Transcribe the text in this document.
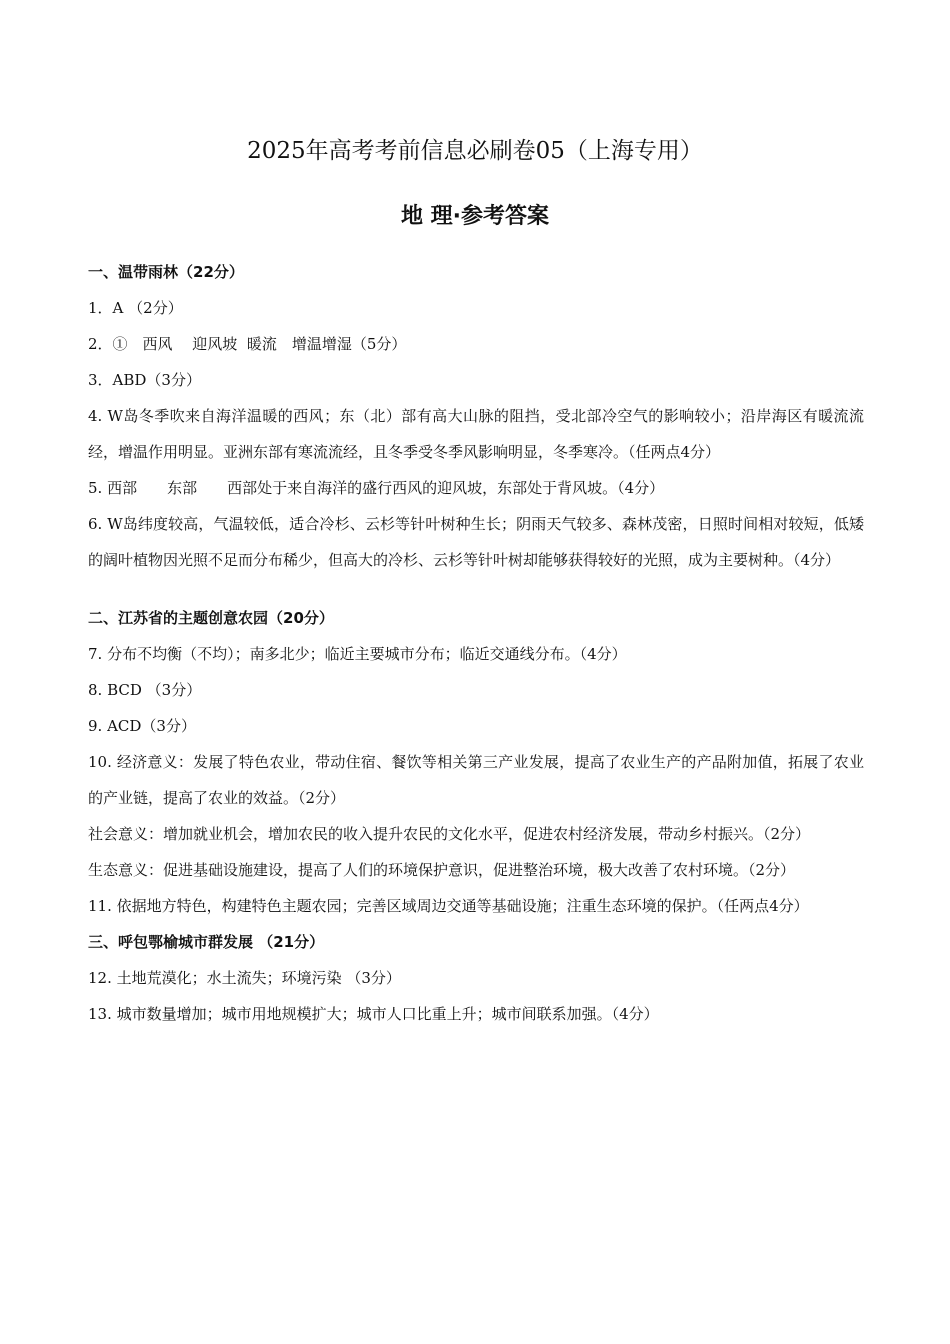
2025年高考考前信息必刷卷05（上海专用）
地 理·参考答案
一、温带雨林（22分）

1．A （2分）

2．①　西风　 迎风坡  暖流　增温增湿（5分）

3．ABD（3分）

4. W岛冬季吹来自海洋温暖的西风；东（北）部有高大山脉的阻挡，受北部冷空气的影响较小；沿岸海区有暖流流经，增温作用明显。亚洲东部有寒流流经，且冬季受冬季风影响明显，冬季寒冷。（任两点4分）

5. 西部　　东部　　西部处于来自海洋的盛行西风的迎风坡，东部处于背风坡。（4分）

6. W岛纬度较高，气温较低，适合冷杉、云杉等针叶树种生长；阴雨天气较多、森林茂密，日照时间相对较短，低矮的阔叶植物因光照不足而分布稀少，但高大的冷杉、云杉等针叶树却能够获得较好的光照，成为主要树种。（4分）

二、江苏省的主题创意农园（20分）

7. 分布不均衡（不均）；南多北少；临近主要城市分布；临近交通线分布。（4分）

8. BCD （3分）

9. ACD（3分）

10. 经济意义：发展了特色农业，带动住宿、餐饮等相关第三产业发展，提高了农业生产的产品附加值，拓展了农业的产业链，提高了农业的效益。（2分）

社会意义：增加就业机会，增加农民的收入提升农民的文化水平，促进农村经济发展，带动乡村振兴。（2分）

生态意义：促进基础设施建设，提高了人们的环境保护意识，促进整治环境，极大改善了农村环境。（2分）

11. 依据地方特色，构建特色主题农园；完善区域周边交通等基础设施；注重生态环境的保护。（任两点4分）

三、呼包鄂榆城市群发展 （21分）

12. 土地荒漠化；水土流失；环境污染 （3分）

13. 城市数量增加；城市用地规模扩大；城市人口比重上升；城市间联系加强。（4分）
